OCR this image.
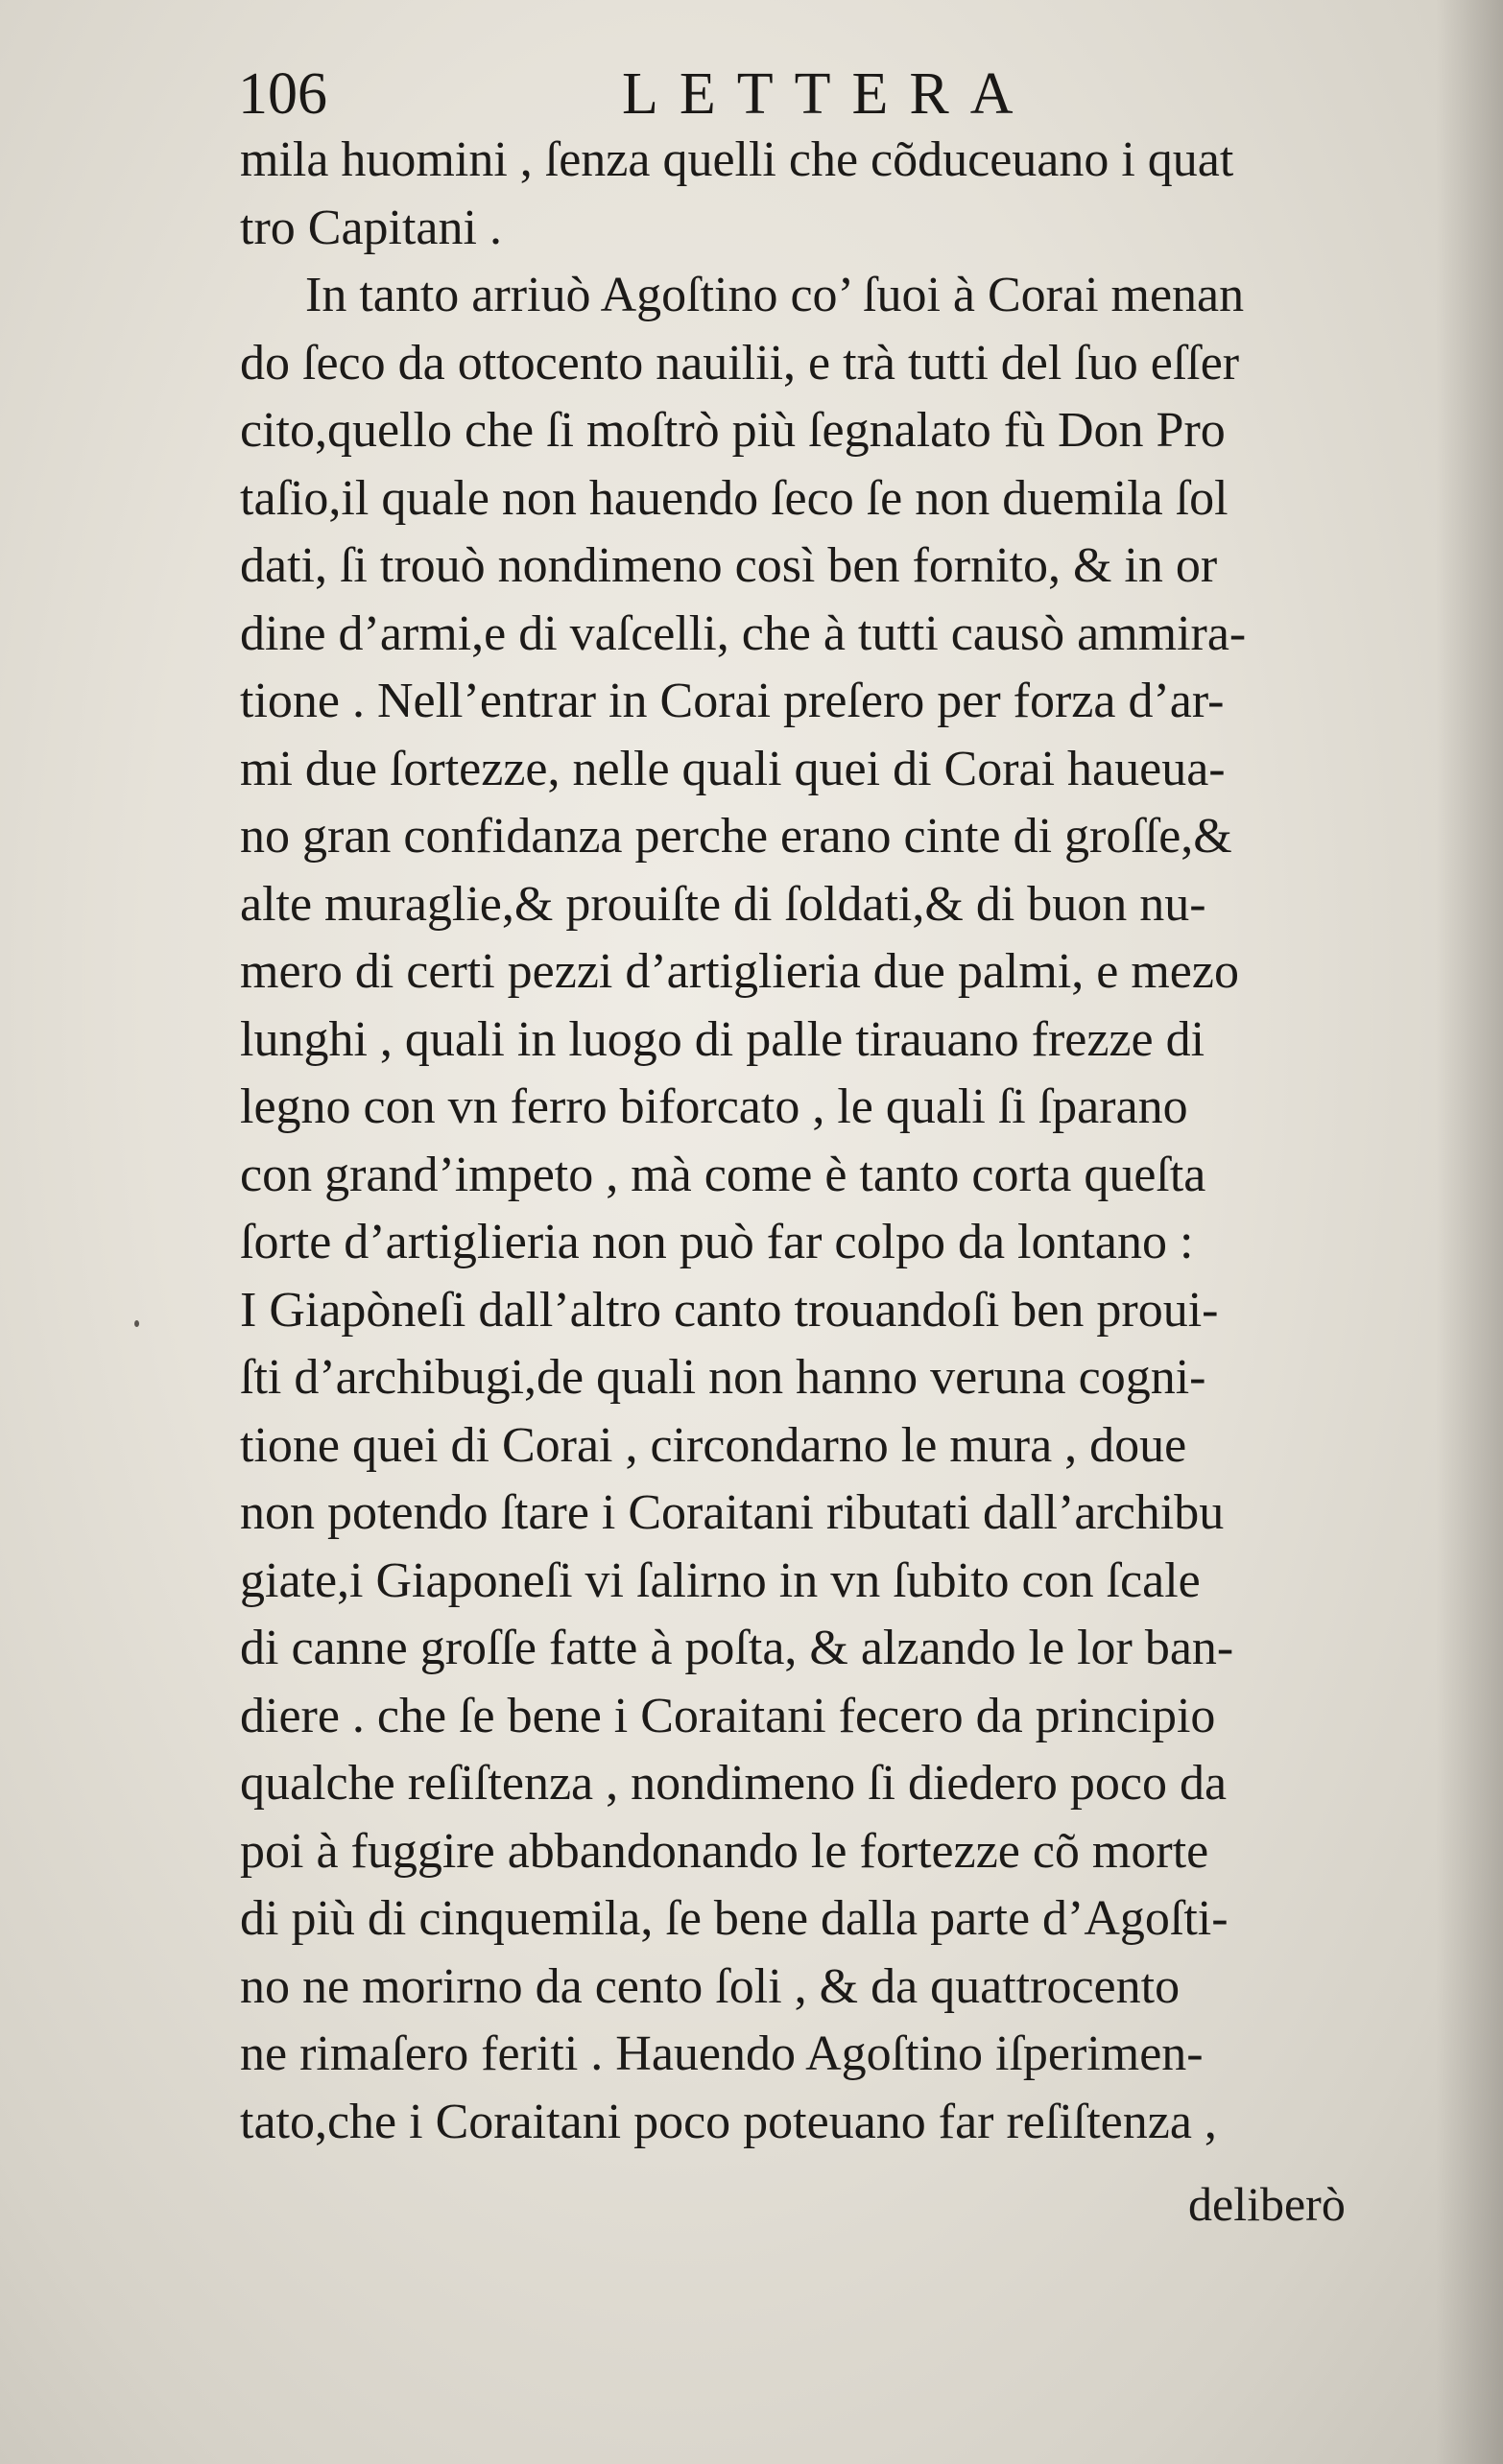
106	LETTERA
mila huomini , ſenza quelli che cõduceuano i quat
tro Capitani .
In tanto arriuò Agoſtino co’ ſuoi à Corai menan
do ſeco da ottocento nauilii, e trà tutti del ſuo eſſer
cito,quello che ſi moſtrò più ſegnalato fù Don Pro
taſio,il quale non hauendo ſeco ſe non duemila ſol
dati, ſi trouò nondimeno così ben fornito, & in or
dine d’armi,e di vaſcelli, che à tutti causò ammira-
tione . Nell’entrar in Corai preſero per forza d’ar-
mi due ſortezze, nelle quali quei di Corai haueua-
no gran confidanza perche erano cinte di groſſe,&
alte muraglie,& prouiſte di ſoldati,& di buon nu-
mero di certi pezzi d’artiglieria due palmi, e mezo
lunghi , quali in luogo di palle tirauano frezze di
legno con vn ferro biforcato , le quali ſi ſparano
con grand’impeto , mà come è tanto corta queſta
ſorte d’artiglieria non può far colpo da lontano :
I Giapòneſi dall’altro canto trouandoſi ben proui-
ſti d’archibugi,de quali non hanno veruna cogni-
tione quei di Corai , circondarno le mura , doue
non potendo ſtare i Coraitani ributati dall’archibu
giate,i Giaponeſi vi ſalirno in vn ſubito con ſcale
di canne groſſe fatte à poſta, & alzando le lor ban-
diere . che ſe bene i Coraitani fecero da principio
qualche reſiſtenza , nondimeno ſi diedero poco da
poi à fuggire abbandonando le fortezze cõ morte
di più di cinquemila, ſe bene dalla parte d’Agoſti-
no ne morirno da cento ſoli , & da quattrocento
ne rimaſero feriti . Hauendo Agoſtino iſperimen-
tato,che i Coraitani poco poteuano far reſiſtenza ,
deliberò
